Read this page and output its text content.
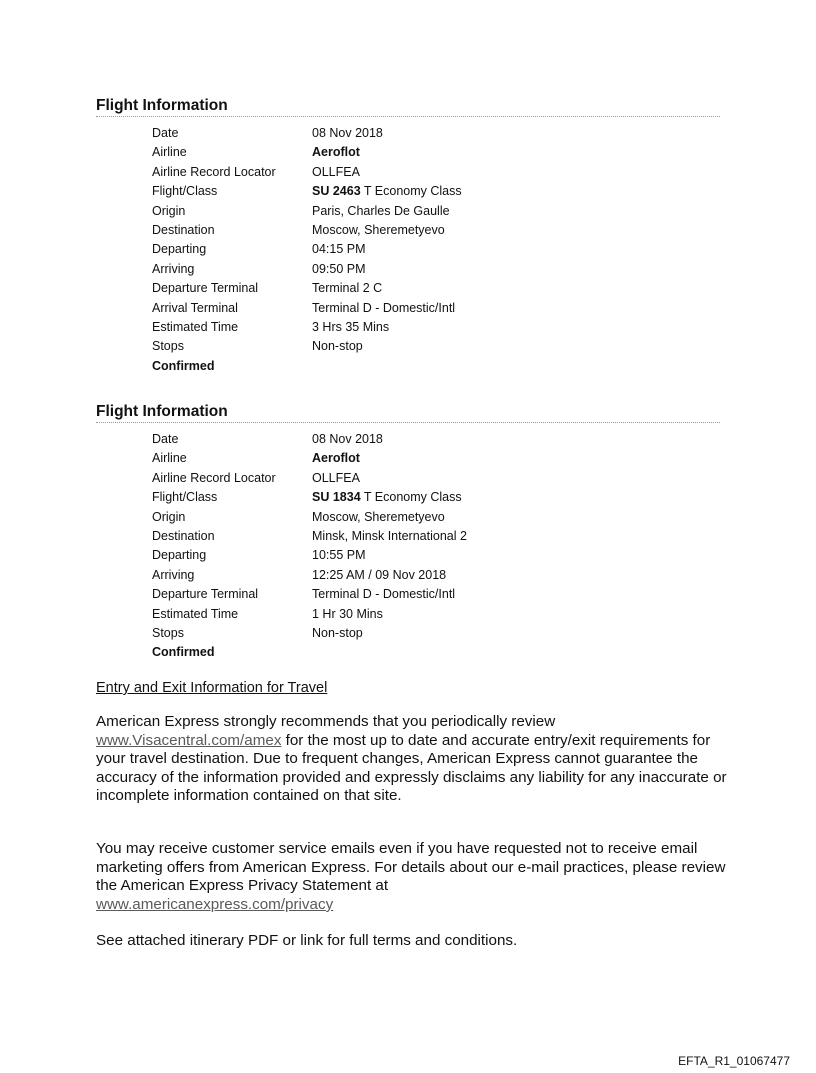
Flight Information
Date	08 Nov 2018
Airline	Aeroflot
Airline Record Locator	OLLFEA
Flight/Class	SU 2463 T Economy Class
Origin	Paris, Charles De Gaulle
Destination	Moscow, Sheremetyevo
Departing	04:15 PM
Arriving	09:50 PM
Departure Terminal	Terminal 2 C
Arrival Terminal	Terminal D - Domestic/Intl
Estimated Time	3 Hrs 35 Mins
Stops	Non-stop
Confirmed
Flight Information
Date	08 Nov 2018
Airline	Aeroflot
Airline Record Locator	OLLFEA
Flight/Class	SU 1834 T Economy Class
Origin	Moscow, Sheremetyevo
Destination	Minsk, Minsk International 2
Departing	10:55 PM
Arriving	12:25 AM / 09 Nov 2018
Departure Terminal	Terminal D - Domestic/Intl
Estimated Time	1 Hr 30 Mins
Stops	Non-stop
Confirmed
Entry and Exit Information for Travel
American Express strongly recommends that you periodically review
www.Visacentral.com/amex for the most up to date and accurate entry/exit requirements for your travel destination. Due to frequent changes, American Express cannot guarantee the accuracy of the information provided and expressly disclaims any liability for any inaccurate or incomplete information contained on that site.
You may receive customer service emails even if you have requested not to receive email marketing offers from American Express. For details about our e-mail practices, please review the American Express Privacy Statement at
www.americanexpress.com/privacy
See attached itinerary PDF or link for full terms and conditions.
EFTA_R1_01067477
